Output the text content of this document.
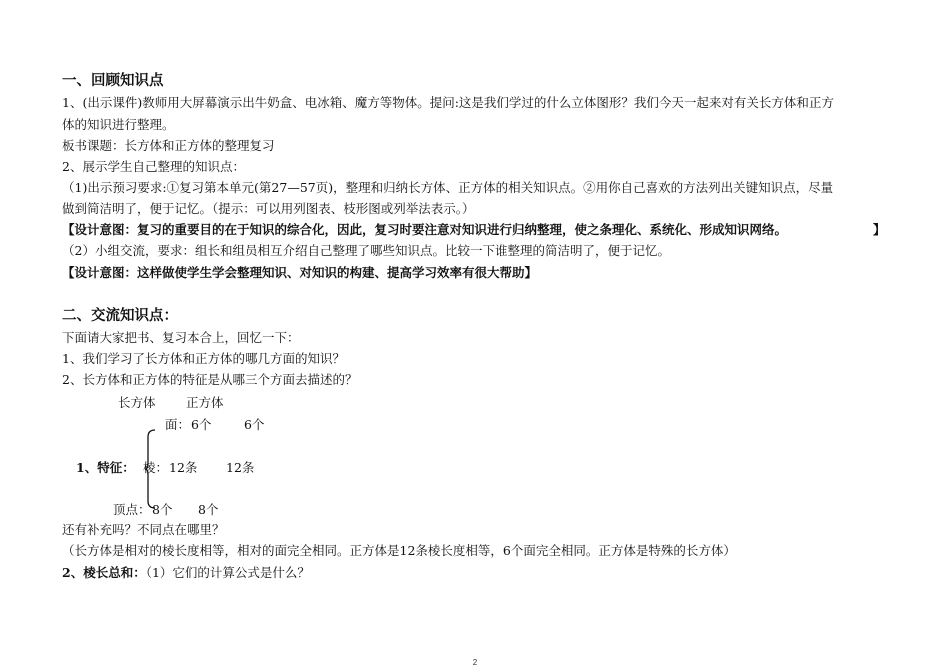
一、回顾知识点
1、(出示课件)教师用大屏幕演示出牛奶盒、电冰箱、魔方等物体。提问:这是我们学过的什么立体图形？我们今天一起来对有关长方体和正方
体的知识进行整理。
板书课题：长方体和正方体的整理复习
2、展示学生自己整理的知识点：
（1)出示预习要求:①复习第本单元(第27—57页)，整理和归纳长方体、正方体的相关知识点。②用你自己喜欢的方法列出关键知识点，尽量
做到简洁明了，便于记忆。（提示：可以用列图表、枝形图或列举法表示。）
【设计意图：复习的重要目的在于知识的综合化，因此，复习时要注意对知识进行归纳整理，使之条理化、系统化、形成知识网络。	】
（2）小组交流，要求：组长和组员相互介绍自己整理了哪些知识点。比较一下谁整理的简洁明了，便于记忆。
【设计意图：这样做使学生学会整理知识、对知识的构建、提高学习效率有很大帮助】
二、交流知识点：
下面请大家把书、复习本合上，回忆一下：
1、我们学习了长方体和正方体的哪几方面的知识？
2、长方体和正方体的特征是从哪三个方面去描述的？
长方体 正方体
面： 6个	6个
1、特征： 棱： 12条 12条
顶点： 8个 8个
还有补充吗？不同点在哪里？
（长方体是相对的棱长度相等，相对的面完全相同。正方体是12条棱长度相等，6个面完全相同。正方体是特殊的长方体）
2、棱长总和：（1）它们的计算公式是什么？
2
